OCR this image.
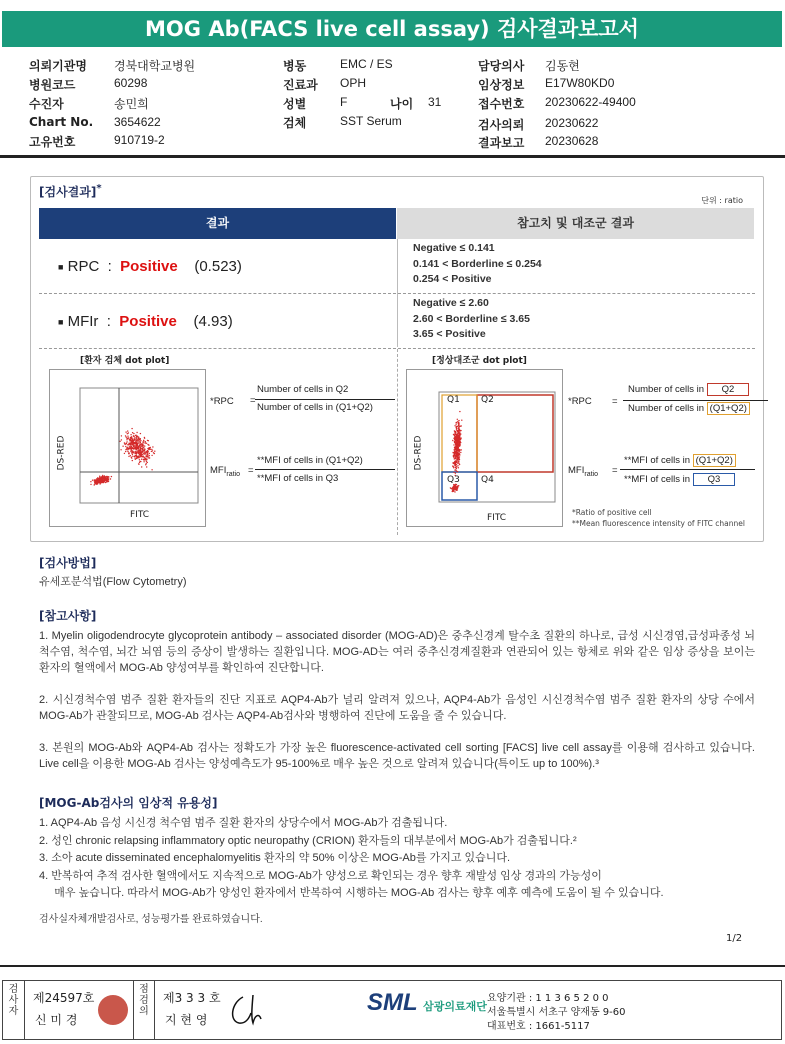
MOG Ab(FACS live cell assay) 검사결과보고서
의뢰기관명 경북대학교병원
병원코드	60298
수진자	송민희
Chart No. 3654622
고유번호	910719-2
병동	EMC / ES
진료과 OPH
성별	F	나이 31
검체	SST Serum
담당의사 김동현
임상정보 E17W80KD0
접수번호 20230622-49400
검사의뢰 20230622
결과보고 20230628
[검사결과]*
단위 : ratio
결과	참고치 및 대조군 결과
■ RPC : Positive (0.523)
Negative ≤ 0.141
0.141 < Borderline ≤ 0.254
0.254 < Positive
■ MFIr : Positive (4.93)
Negative ≤ 2.60
2.60 < Borderline ≤ 3.65
3.65 < Positive
[환자 검체 dot plot]
DS-RED
FITC
*RPC =
Number of cells in Q2
Number of cells in (Q1+Q2)
$MFI_{ratio}$ =
**MFI of cells in (Q1+Q2)
**MFI of cells in Q3
[정상대조군 dot plot]
Q1 Q2
Q3 Q4
DS-RED
FITC
*RPC =
Number of cells in Q2
Number of cells in (Q1+Q2)
$MFI_{ratio}$ =
**MFI of cells in (Q1+Q2)
**MFI of cells in Q3
*Ratio of positive cell
**Mean fluorescence intensity of FITC channel
[검사방법]
유세포분석법(Flow Cytometry)
[참고사항]
1. Myelin oligodendrocyte glycoprotein antibody – associated disorder (MOG-AD)은 중추신경계 탈수초 질환의 하나로, 급성 시신경염,급성파종성 뇌척수염, 척수염, 뇌간 뇌염 등의 증상이 발생하는 질환입니다. MOG-AD는 여러 중추신경계질환과 연관되어 있는 항체로 위와 같은 임상 증상을 보이는 환자의 혈액에서 MOG-Ab 양성여부를 확인하여 진단합니다.
2. 시신경척수염 범주 질환 환자들의 진단 지표로 AQP4-Ab가 널리 알려져 있으나, AQP4-Ab가 음성인 시신경척수염 범주 질환 환자의 상당 수에서 MOG-Ab가 관찰되므로, MOG-Ab 검사는 AQP4-Ab검사와 병행하여 진단에 도움을 줄 수 있습니다.
3. 본원의 MOG-Ab와 AQP4-Ab 검사는 정확도가 가장 높은 fluorescence-activated cell sorting [FACS] live cell assay를 이용해 검사하고 있습니다. Live cell을 이용한 MOG-Ab 검사는 양성예측도가 95-100%로 매우 높은 것으로 알려져 있습니다(특이도 up to 100%).³
[MOG-Ab검사의 임상적 유용성]
1. AQP4-Ab 음성 시신경 척수염 범주 질환 환자의 상당수에서 MOG-Ab가 검출됩니다.
2. 성인 chronic relapsing inflammatory optic neuropathy (CRION) 환자들의 대부분에서 MOG-Ab가 검출됩니다.²
3. 소아 acute disseminated encephalomyelitis 환자의 약 50% 이상은 MOG-Ab를 가지고 있습니다.
4. 반복하여 추적 검사한 혈액에서도 지속적으로 MOG-Ab가 양성으로 확인되는 경우 향후 재발성 임상 경과의 가능성이
매우 높습니다. 따라서 MOG-Ab가 양성인 환자에서 반복하여 시행하는 MOG-Ab 검사는 향후 예후 예측에 도움이 될 수 있습니다.
검사실자체개발검사로, 성능평가를 완료하였습니다.
1/2
검사자
제24597호
신 미 경
점검의
제3 3 3 호
지 현 영
SML 삼광의료재단
요양기관 : 1 1 3 6 5 2 0 0
서울특별시 서초구 양재동 9-60
대표번호 : 1661-5117
